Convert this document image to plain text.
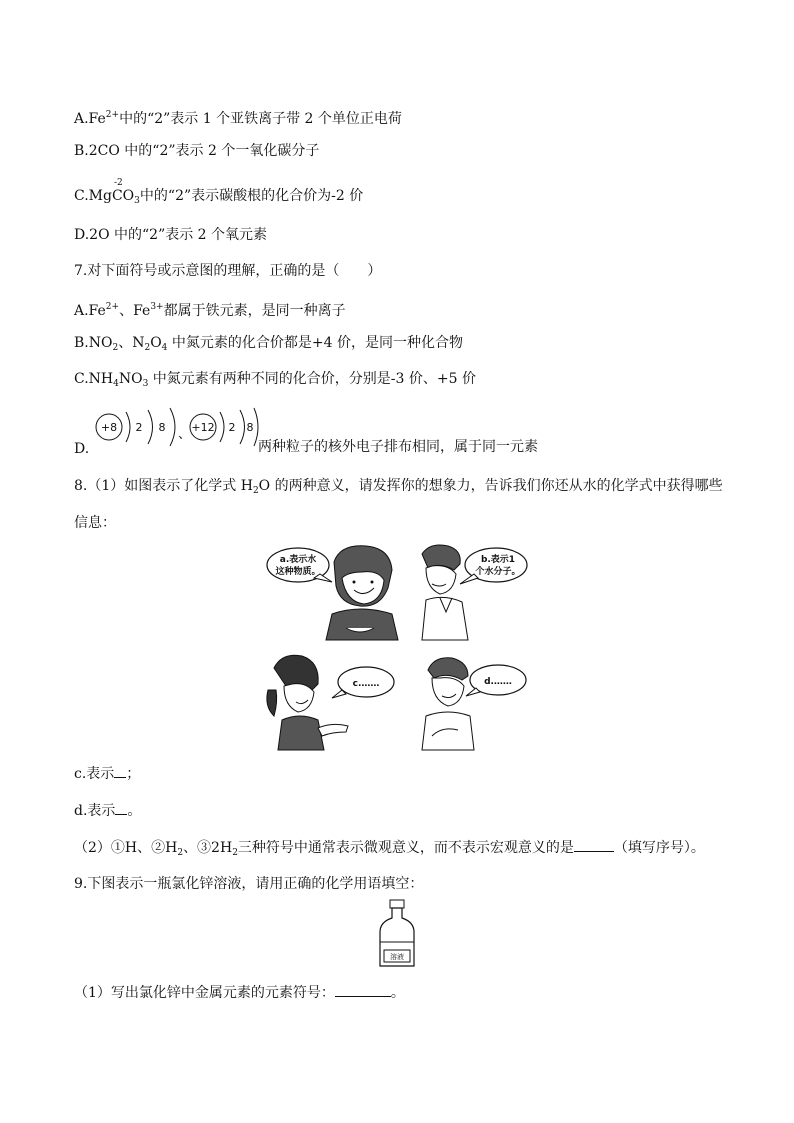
$A.Fe^{2+}$中的“2”表示 1 个亚铁离子带 2 个单位正电荷
B.2CO 中的“2”表示 2 个一氧化碳分子
C.Mg
-2
$CO_3$中的“2”表示碳酸根的化合价为-2 价
D.2O 中的“2”表示 2 个氧元素
7.对下面符号或示意图的理解，正确的是（　　）
$A.Fe^{2+}$、$Fe^{3+}$都属于铁元素，是同一种离子
$B.NO_2$、$N_2O_4$ 中氮元素的化合价都是+4 价，是同一种化合物
$C.NH_4NO_3$ 中氮元素有两种不同的化合价，分别是-3 价、+5 价
D.
+8 2 8 、 +12 2 8
两种粒子的核外电子排布相同，属于同一元素
8.（1）如图表示了化学式 $H_2O$ 的两种意义，请发挥你的想象力，告诉我们你还从水的化学式中获得哪些
信息：
a.表示水
这种物质。
b.表示1
个水分子。
c.……	d.……
c.表示 ；
d.表示 。
（2）①H、$②H_2$、$③2H_2$三种符号中通常表示微观意义，而不表示宏观意义的是	（填写序号）。
9.下图表示一瓶氯化锌溶液，请用正确的化学用语填空：
溶液
（1）写出氯化锌中金属元素的元素符号：	。
